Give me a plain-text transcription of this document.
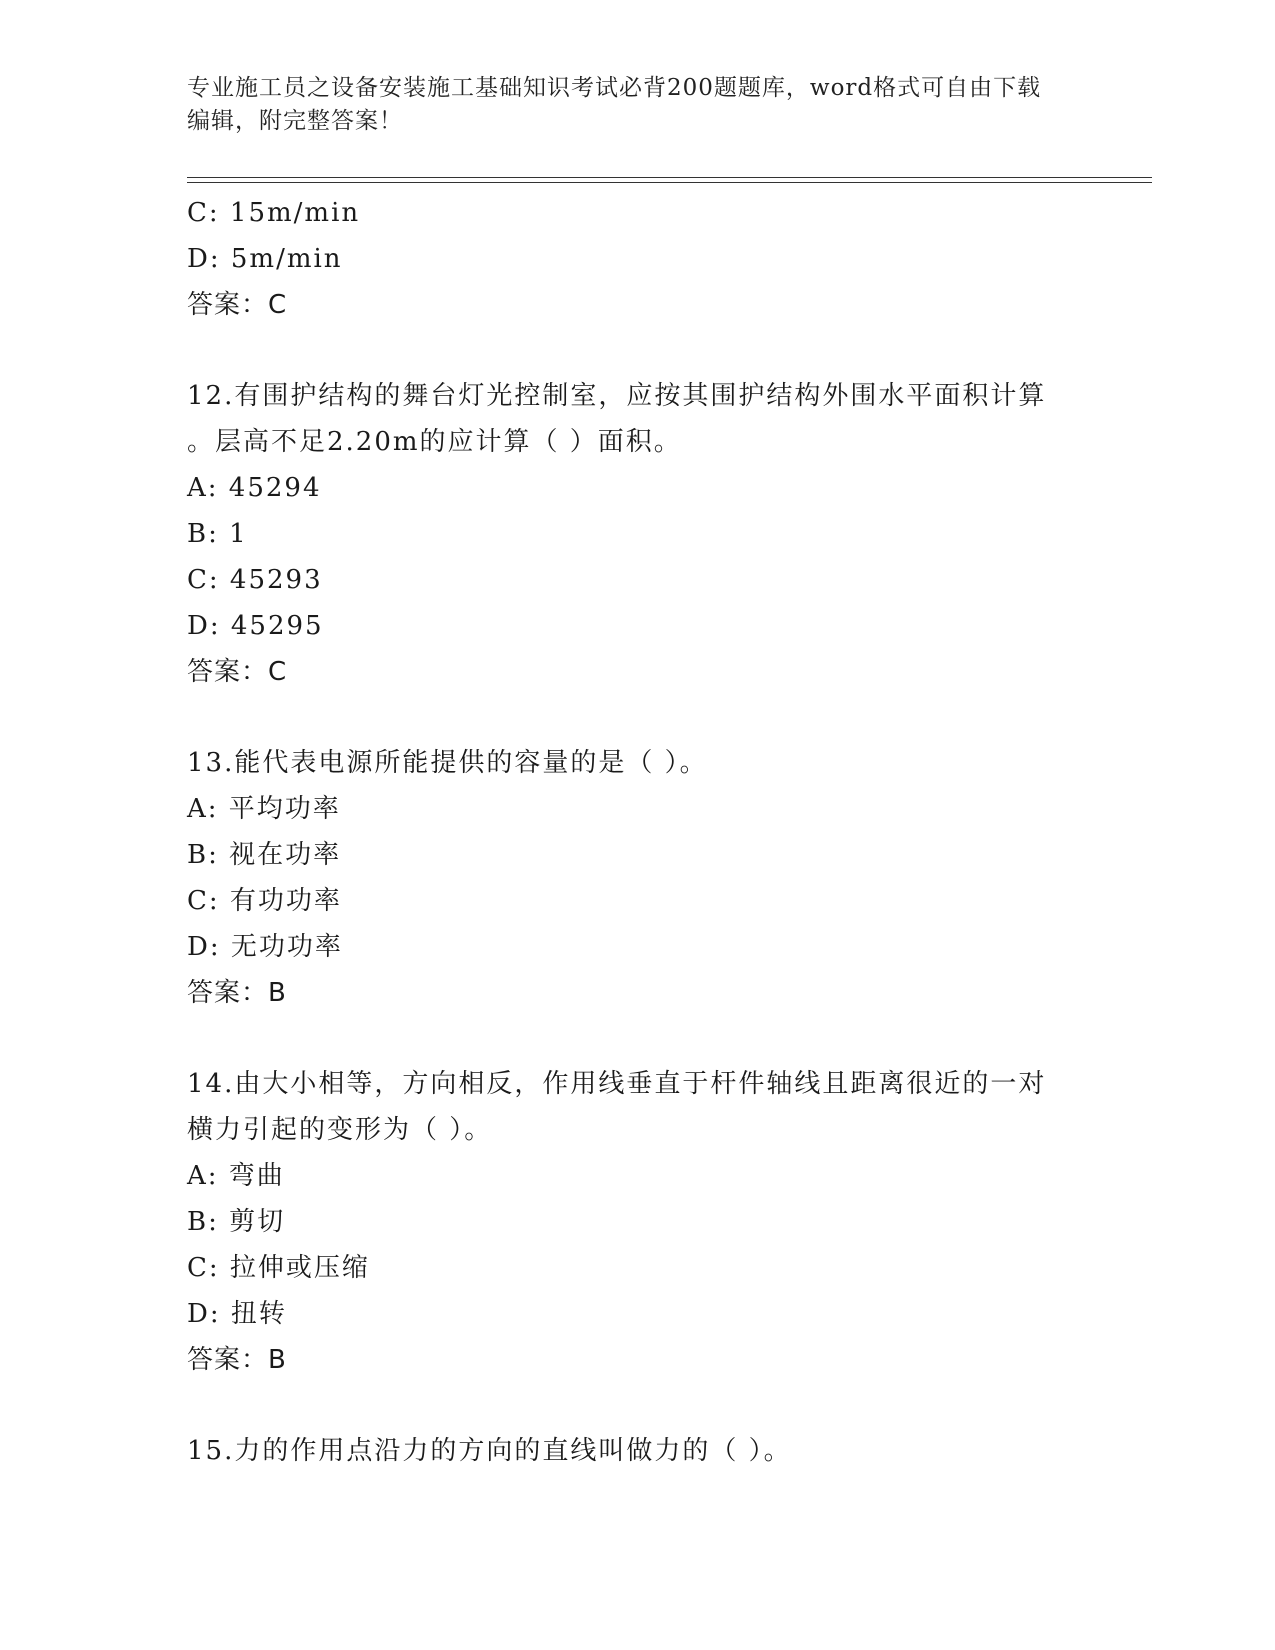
专业施工员之设备安装施工基础知识考试必背200题题库，word格式可自由下载
编辑，附完整答案！
C: 15m/min
D: 5m/min
答案：C
12.有围护结构的舞台灯光控制室，应按其围护结构外围水平面积计算
。层高不足2.20m的应计算（ ）面积。
A: 45294
B: 1
C: 45293
D: 45295
答案：C
13.能代表电源所能提供的容量的是（ ）。
A: 平均功率
B: 视在功率
C: 有功功率
D: 无功功率
答案：B
14.由大小相等，方向相反，作用线垂直于杆件轴线且距离很近的一对
横力引起的变形为（ ）。
A: 弯曲
B: 剪切
C: 拉伸或压缩
D: 扭转
答案：B
15.力的作用点沿力的方向的直线叫做力的（ ）。
